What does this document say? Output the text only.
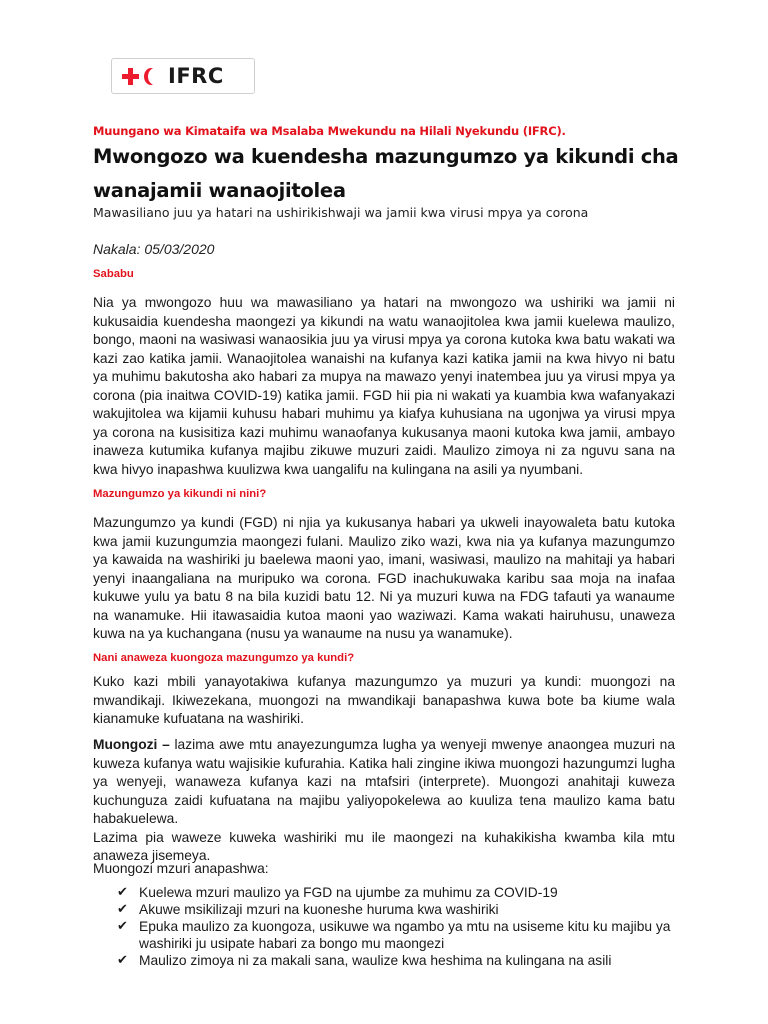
IFRC
Muungano wa Kimataifa wa Msalaba Mwekundu na Hilali Nyekundu (IFRC).
Mwongozo wa kuendesha mazungumzo ya kikundi cha wanajamii wanaojitolea
Mawasiliano juu ya hatari na ushirikishwaji wa jamii kwa virusi mpya ya corona
Nakala: 05/03/2020
Sababu
Nia ya mwongozo huu wa mawasiliano ya hatari na mwongozo wa ushiriki wa jamii ni kukusaidia kuendesha maongezi ya kikundi na watu wanaojitolea kwa jamii kuelewa maulizo, bongo, maoni na wasiwasi wanaosikia juu ya virusi mpya ya corona kutoka kwa batu wakati wa kazi zao katika jamii. Wanaojitolea wanaishi na kufanya kazi katika jamii na kwa hivyo ni batu ya muhimu bakutosha ako habari za mupya na mawazo yenyi inatembea juu ya virusi mpya ya corona (pia inaitwa COVID-19) katika jamii. FGD hii pia ni wakati ya kuambia kwa wafanyakazi wakujitolea wa kijamii kuhusu habari muhimu ya kiafya kuhusiana na ugonjwa ya virusi mpya ya corona na kusisitiza kazi muhimu wanaofanya kukusanya maoni kutoka kwa jamii, ambayo inaweza kutumika kufanya majibu zikuwe muzuri zaidi. Maulizo zimoya ni za nguvu sana na kwa hivyo inapashwa kuulizwa kwa uangalifu na kulingana na asili ya nyumbani.
Mazungumzo ya kikundi ni nini?
Mazungumzo ya kundi (FGD) ni njia ya kukusanya habari ya ukweli inayowaleta batu kutoka kwa jamii kuzungumzia maongezi fulani. Maulizo ziko wazi, kwa nia ya kufanya mazungumzo ya kawaida na washiriki ju baelewa maoni yao, imani, wasiwasi, maulizo na mahitaji ya habari yenyi inaangaliana na muripuko wa corona. FGD inachukuwaka karibu saa moja na inafaa kukuwe yulu ya batu 8 na bila kuzidi batu 12. Ni ya muzuri kuwa na FDG tafauti ya wanaume na wanamuke. Hii itawasaidia kutoa maoni yao waziwazi. Kama wakati hairuhusu, unaweza kuwa na ya kuchangana (nusu ya wanaume na nusu ya wanamuke).
Nani anaweza kuongoza mazungumzo ya kundi?
Kuko kazi mbili yanayotakiwa kufanya mazungumzo ya muzuri ya kundi: muongozi na mwandikaji. Ikiwezekana, muongozi na mwandikaji banapashwa kuwa bote ba kiume wala kianamuke kufuatana na washiriki.
Muongozi – lazima awe mtu anayezungumza lugha ya wenyeji mwenye anaongea muzuri na kuweza kufanya watu wajisikie kufurahia. Katika hali zingine ikiwa muongozi hazungumzi lugha ya wenyeji, wanaweza kufanya kazi na mtafsiri (interprete). Muongozi anahitaji kuweza kuchunguza zaidi kufuatana na majibu yaliyopokelewa ao kuuliza tena maulizo kama batu habakuelewa.
Lazima pia waweze kuweka washiriki mu ile maongezi na kuhakikisha kwamba kila mtu anaweza jisemeya.
Muongozi mzuri anapashwa:
✔ Kuelewa mzuri maulizo ya FGD na ujumbe za muhimu za COVID-19
✔ Akuwe msikilizaji mzuri na kuoneshe huruma kwa washiriki
✔ Epuka maulizo za kuongoza, usikuwe wa ngambo ya mtu na usiseme kitu ku majibu ya washiriki ju usipate habari za bongo mu maongezi
✔ Maulizo zimoya ni za makali sana, waulize kwa heshima na kulingana na asili
